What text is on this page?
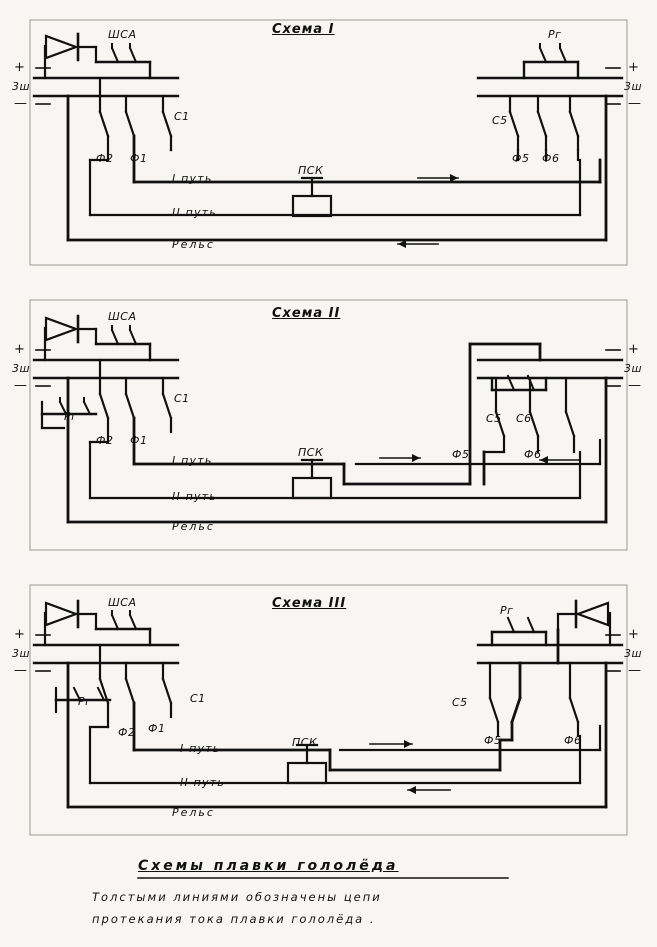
Схема I
ШСА
+
3ш
—
С1
Ф2 Ф1
I путь
II путь
Рельс
ПСК
Рг
С5
Ф5 Ф6
+
3ш
—
Схема II
ШСА
+
3ш
—
Рг
С1
Ф2 Ф1
I путь
II путь
Рельс
ПСК
С5 С6
Ф5	Ф6
+
3ш
—
Схема III
ШСА
+
3ш
—
Рг	С1
Ф2 Ф1
I путь
II путь
Рельс
ПСК
Рг
С5
Ф5	Ф6
+
3ш
—
Схемы плавки гололёда
Толстыми линиями обозначены цепи
протекания тока плавки гололёда .
